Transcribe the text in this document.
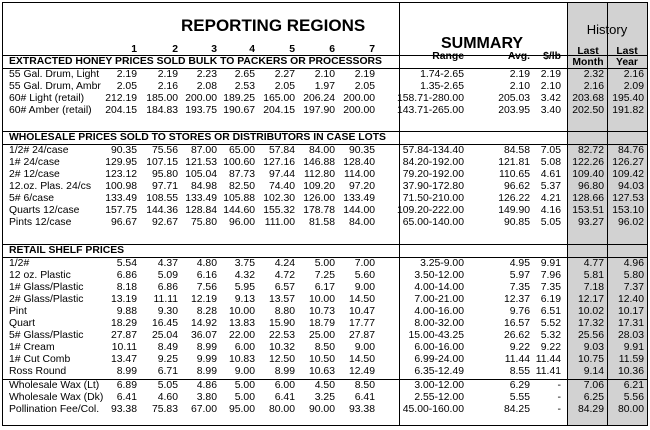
REPORTING REGIONS
SUMMARY
History
1	2	3	4	5	6	7
Range	Avg.	$/lb	Last
Month
Last
Year
EXTRACTED HONEY PRICES SOLD BULK TO PACKERS OR PROCESSORS
55 Gal. Drum, Light	2.19	2.19	2.23	2.65	2.27	2.10	2.19	1.74-2.65	2.19	2.19	2.32	2.16
55 Gal. Drum, Ambr	2.05	2.16	2.08	2.53	2.05	1.97	2.05	1.35-2.65	2.10	2.10	2.16	2.09
60# Light (retail)	212.19 185.00 200.00 189.25 165.00 206.24 200.00 158.71-280.00	205.03	3.42	203.68 195.40
60# Amber (retail)	204.15 184.83 193.75 190.67 204.15 197.90 200.00 143.71-265.00	203.95	3.40	202.50 191.82
WHOLESALE PRICES SOLD TO STORES OR DISTRIBUTORS IN CASE LOTS
1/2# 24/case	90.35	75.56	87.00	65.00	57.84	84.00	90.35	57.84-134.40	84.58	7.05	82.72	84.76
1# 24/case	129.95 107.15 121.53 100.60 127.16 146.88 128.40	84.20-192.00	121.81	5.08	122.26 126.27
2# 12/case	123.12	95.80 105.04	87.73	97.44 112.80 114.00	79.20-192.00	110.65	4.61	109.40 109.42
12.oz. Plas. 24/cs	100.98	97.71	84.98	82.50	74.40 109.20	97.20	37.90-172.80	96.62	5.37	96.80	94.03
5# 6/case	133.49 108.55 133.49 105.88 102.30 126.00 133.49	71.50-210.00	126.22	4.21	128.66 127.53
Quarts 12/case	157.75 144.36 128.84 144.60 155.32 178.78 144.00 109.20-222.00	149.90	4.16	153.51 153.10
Pints 12/case	96.67	92.67	75.80	96.00 111.00	81.58	84.00	65.00-140.00	90.85	5.05	93.27	96.02
RETAIL SHELF PRICES
1/2#	5.54	4.37	4.80	3.75	4.24	5.00	7.00	3.25-9.00	4.95	9.91	4.77	4.96
12 oz. Plastic	6.86	5.09	6.16	4.32	4.72	7.25	5.60	3.50-12.00	5.97	7.96	5.81	5.80
1# Glass/Plastic	8.18	6.86	7.56	5.95	6.57	6.17	9.00	4.00-14.00	7.35	7.35	7.18	7.37
2# Glass/Plastic	13.19	11.11	12.19	9.13	13.57	10.00	14.50	7.00-21.00	12.37	6.19	12.17	12.40
Pint	9.88	9.30	8.28	10.00	8.80	10.73	10.47	4.00-16.00	9.76	6.51	10.02	10.17
Quart	18.29	16.45	14.92	13.83	15.90	18.79	17.77	8.00-32.00	16.57	5.52	17.32	17.31
5# Glass/Plastic	27.87	25.04	36.07	22.00	22.53	25.00	27.87	15.00-43.25	26.62	5.32	25.56	28.03
1# Cream	10.11	8.49	8.99	6.00	10.32	8.50	9.00	6.00-16.00	9.22	9.22	9.03	9.91
1# Cut Comb	13.47	9.25	9.99	10.83	12.50	10.50	14.50	6.99-24.00	11.44 11.44	10.75	11.59
Ross Round	8.99	6.71	8.99	9.00	8.99	10.63	12.49	6.35-12.49	8.55 11.41	9.14	10.36
Wholesale Wax (Lt)	6.89	5.05	4.86	5.00	6.00	4.50	8.50	3.00-12.00	6.29	-	7.06	6.21
Wholesale Wax (Dk)	6.41	4.60	3.80	5.00	6.41	3.25	6.41	2.55-12.00	5.55	-	6.25	5.56
Pollination Fee/Col.	93.38	75.83	67.00	95.00	80.00	90.00	93.38	45.00-160.00	84.25	-	84.29	80.00
